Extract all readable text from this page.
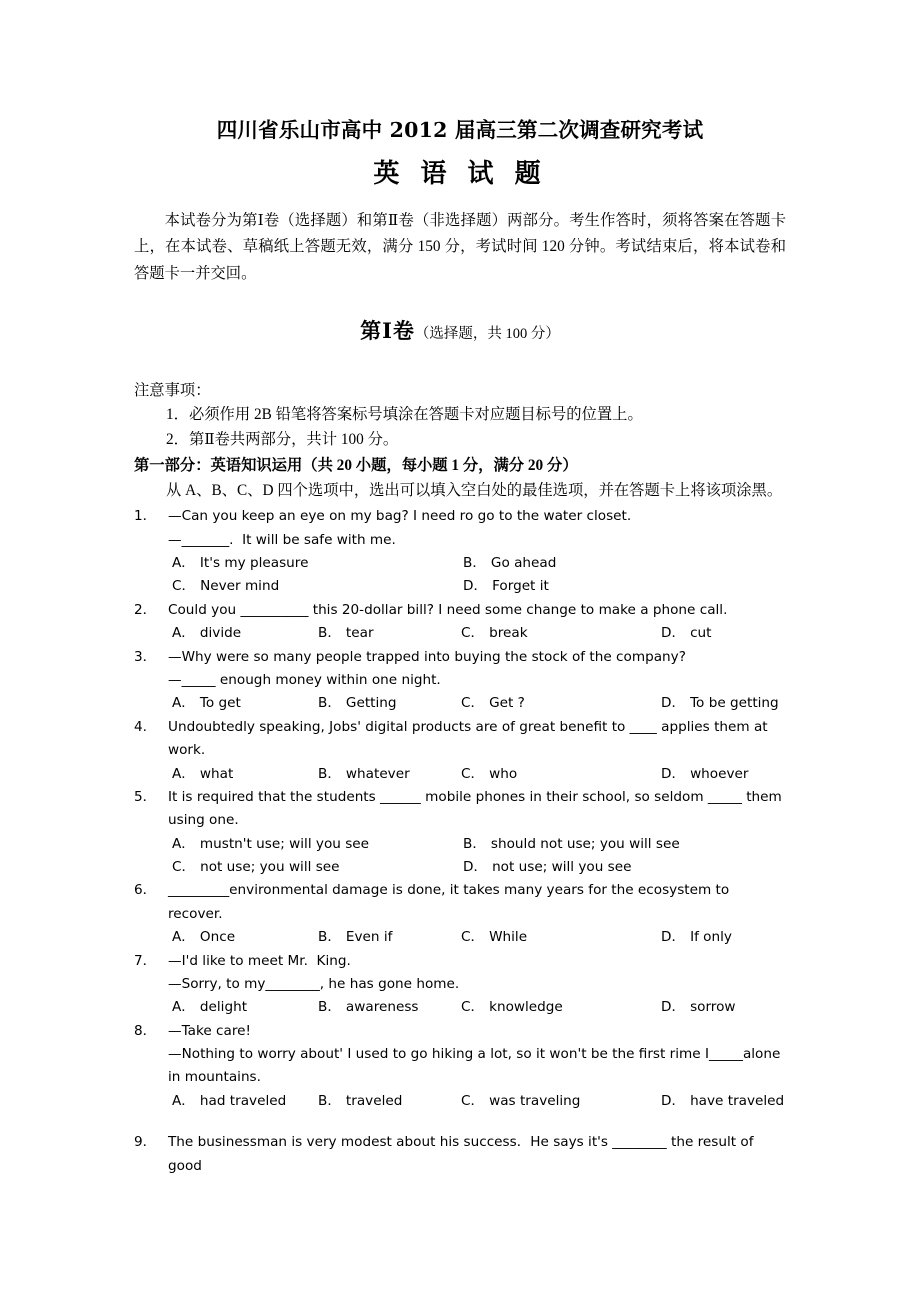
四川省乐山市高中 2012 届高三第二次调查研究考试
英 语 试 题
本试卷分为第Ⅰ卷（选择题）和第Ⅱ卷（非选择题）两部分。考生作答时，须将答案在答题卡上，在本试卷、草稿纸上答题无效，满分 150 分，考试时间 120 分钟。考试结束后，将本试卷和答题卡一并交回。
第Ⅰ卷（选择题，共 100 分）
注意事项：
1．必须作用 2B 铅笔将答案标号填涂在答题卡对应题目标号的位置上。
2．第Ⅱ卷共两部分，共计 100 分。
第一部分：英语知识运用（共 20 小题，每小题 1 分，满分 20 分）
从 A、B、C、D 四个选项中，选出可以填入空白处的最佳选项，并在答题卡上将该项涂黑。
1． —Can you keep an eye on my bag? I need ro go to the water closet.
—_______.  It will be safe with me.
A． It's my pleasure	B． Go ahead
C． Never mind	D． Forget it
2． Could you __________ this 20-dollar bill? I need some change to make a phone call.
A． divide	B． tear	C． break	D． cut
3． —Why were so many people trapped into buying the stock of the company?
—_____ enough money within one night.
A． To get	B． Getting	C． Get ?	D． To be getting
4.	Undoubtedly speaking, Jobs' digital products are of great benefit to ____ applies them at work.
A． what	B． whatever	C． who	D． whoever
5． It is required that the students ______ mobile phones in their school, so seldom _____ them
using one.
A． mustn't use; will you see	B． should not use; you will see
C． not use; you will see	D． not use; will you see
6． _________environmental damage is done, it takes many years for the ecosystem to
recover.
A． Once	B． Even if	C． While	D． If only
7． —I'd like to meet Mr.  King.
—Sorry, to my________, he has gone home.
A． delight	B． awareness	C． knowledge	D． sorrow
8． —Take care!
—Nothing to worry about' I used to go hiking a lot, so it won't be the first rime I_____alone
in mountains.
A． had traveled B． traveled	C． was traveling	D． have traveled
9． The businessman is very modest about his success．He says it's ________ the result of good
